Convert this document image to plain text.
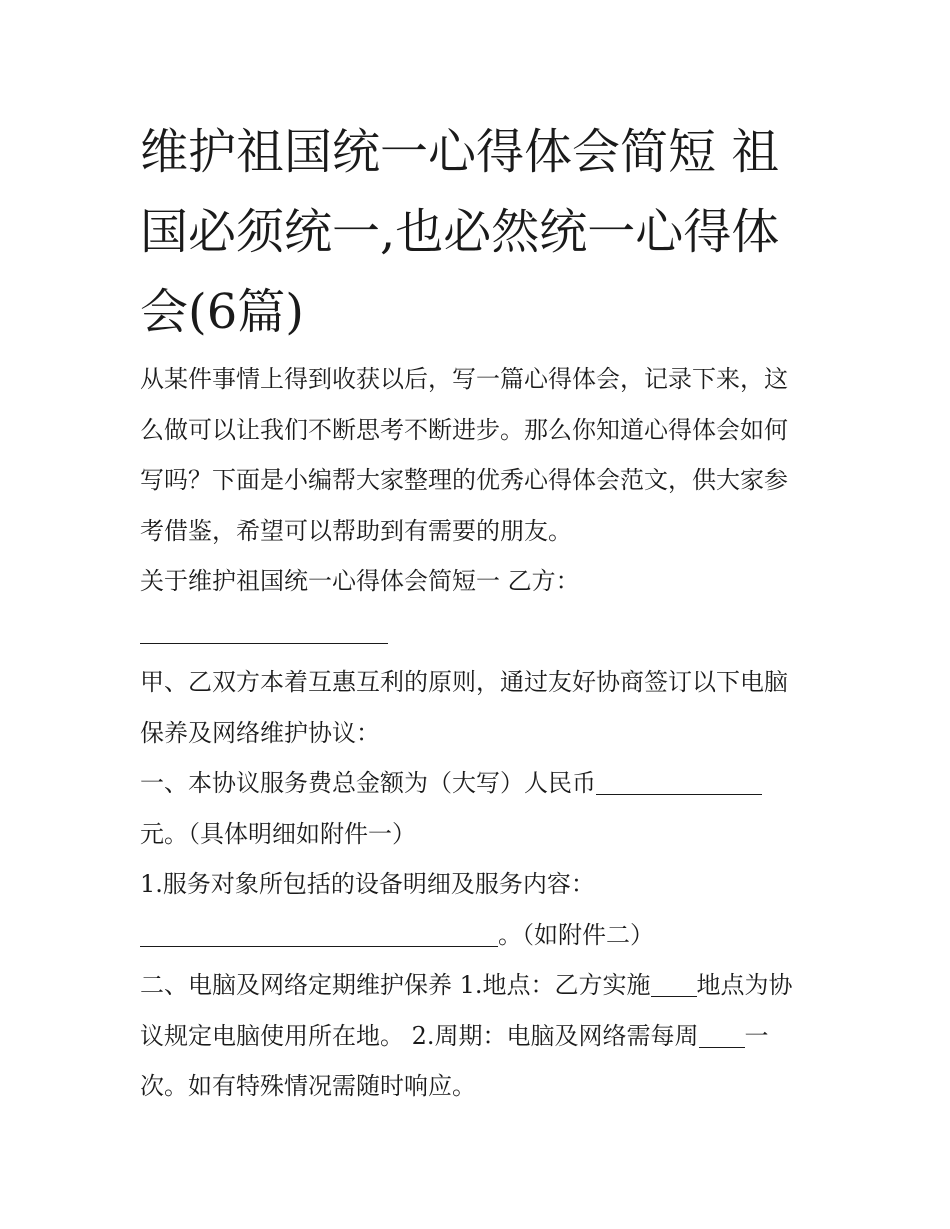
维护祖国统一心得体会简短 祖
国必须统一,也必然统一心得体
会(6篇)
从某件事情上得到收获以后，写一篇心得体会，记录下来，这
么做可以让我们不断思考不断进步。那么你知道心得体会如何
写吗？下面是小编帮大家整理的优秀心得体会范文，供大家参
考借鉴，希望可以帮助到有需要的朋友。
关于维护祖国统一心得体会简短一 乙方：
甲、乙双方本着互惠互利的原则，通过友好协商签订以下电脑
保养及网络维护协议：
一、本协议服务费总金额为（大写）人民币
元。（具体明细如附件一）
1.服务对象所包括的设备明细及服务内容：
。（如附件二）
二、电脑及网络定期维护保养 1.地点：乙方实施 地点为协
议规定电脑使用所在地。 2.周期：电脑及网络需每周 一
次。如有特殊情况需随时响应。
